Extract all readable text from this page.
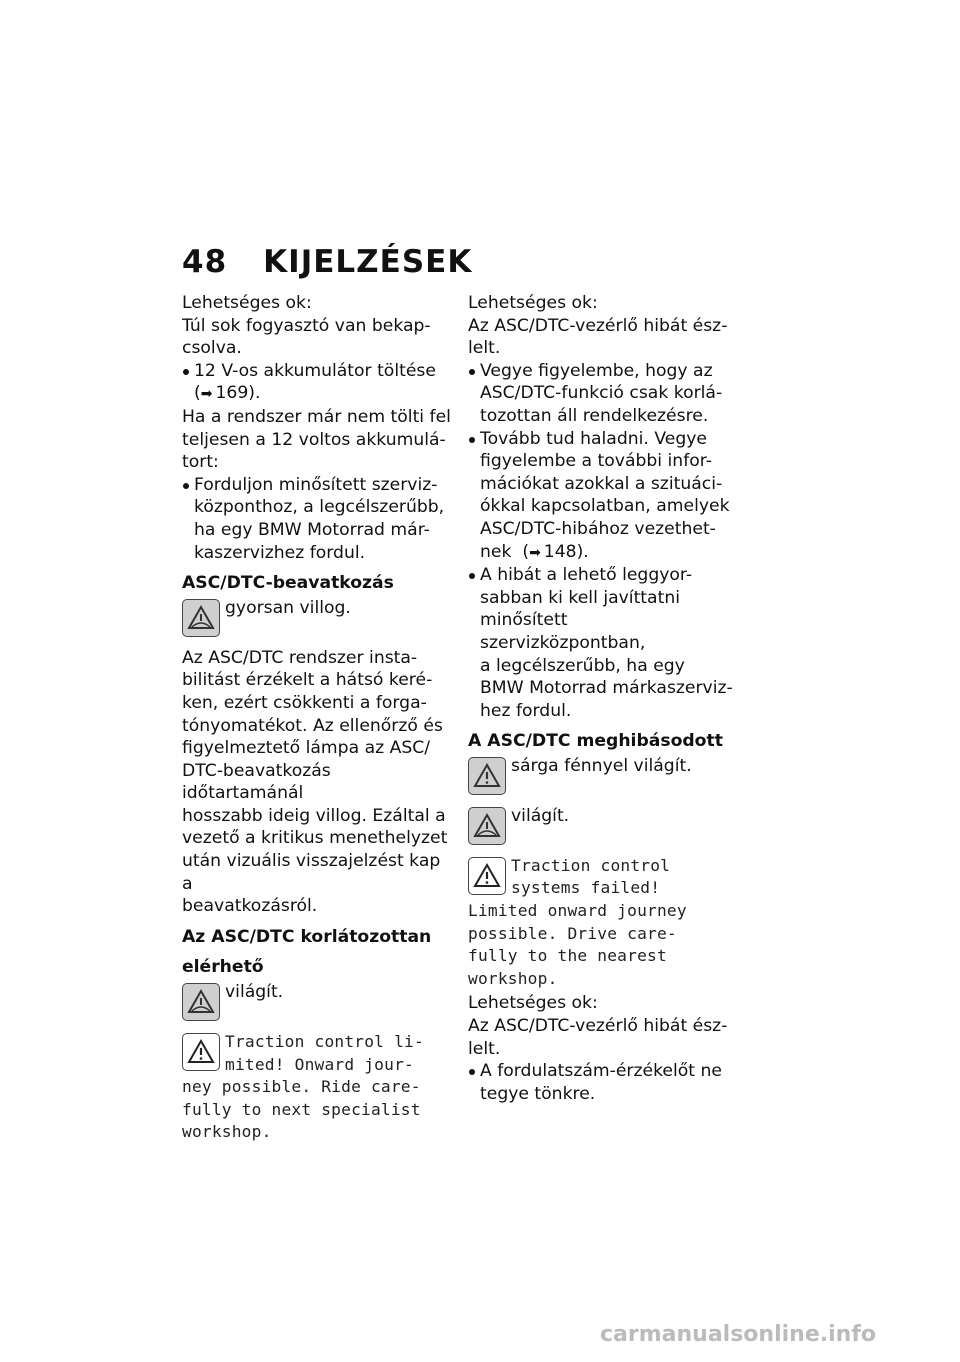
48 KIJELZÉSEK

Lehetséges ok:

Túl sok fogyasztó van bekap-

csolva.

12 V-os akkumulátor töltése
(➡ 169).

Ha a rendszer már nem tölti fel

teljesen a 12 voltos akkumulá-

tort:

Forduljon minősített szerviz-
központhoz, a legcélszerűbb,
ha egy BMW Motorrad már-
kaszervizhez fordul.

ASC/DTC-beavatkozás

gyorsan villog.

Az ASC/DTC rendszer insta-

bilitást érzékelt a hátsó keré-

ken, ezért csökkenti a forga-

tónyomatékot. Az ellenőrző és

figyelmeztető lámpa az ASC/

DTC-beavatkozás időtartamánál

hosszabb ideig villog. Ezáltal a

vezető a kritikus menethelyzet

után vizuális visszajelzést kap a

beavatkozásról.

Az ASC/DTC korlátozottan

elérhető

világít.
Traction control li-
mited! Onward jour-
ney possible. Ride care-
fully to next specialist
workshop.

Lehetséges ok:

Az ASC/DTC-vezérlő hibát ész-

lelt.

Vegye figyelembe, hogy az
ASC/DTC-funkció csak korlá-
tozottan áll rendelkezésre.
Tovább tud haladni. Vegye
figyelembe a további infor-
mációkat azokkal a szituáci-
ókkal kapcsolatban, amelyek
ASC/DTC-hibához vezethet-
nek  (➡ 148).
A hibát a lehető leggyor-
sabban ki kell javíttatni
minősített szervizközpontban,
a legcélszerűbb, ha egy
BMW Motorrad márkaszerviz-
hez fordul.

A ASC/DTC meghibásodott

sárga fénnyel világít.
világít.
Traction control
systems failed!
Limited onward journey
possible. Drive care-
fully to the nearest
workshop.

Lehetséges ok:

Az ASC/DTC-vezérlő hibát ész-

lelt.

A fordulatszám-érzékelőt ne
tegye tönkre.
carmanualsonline.info
